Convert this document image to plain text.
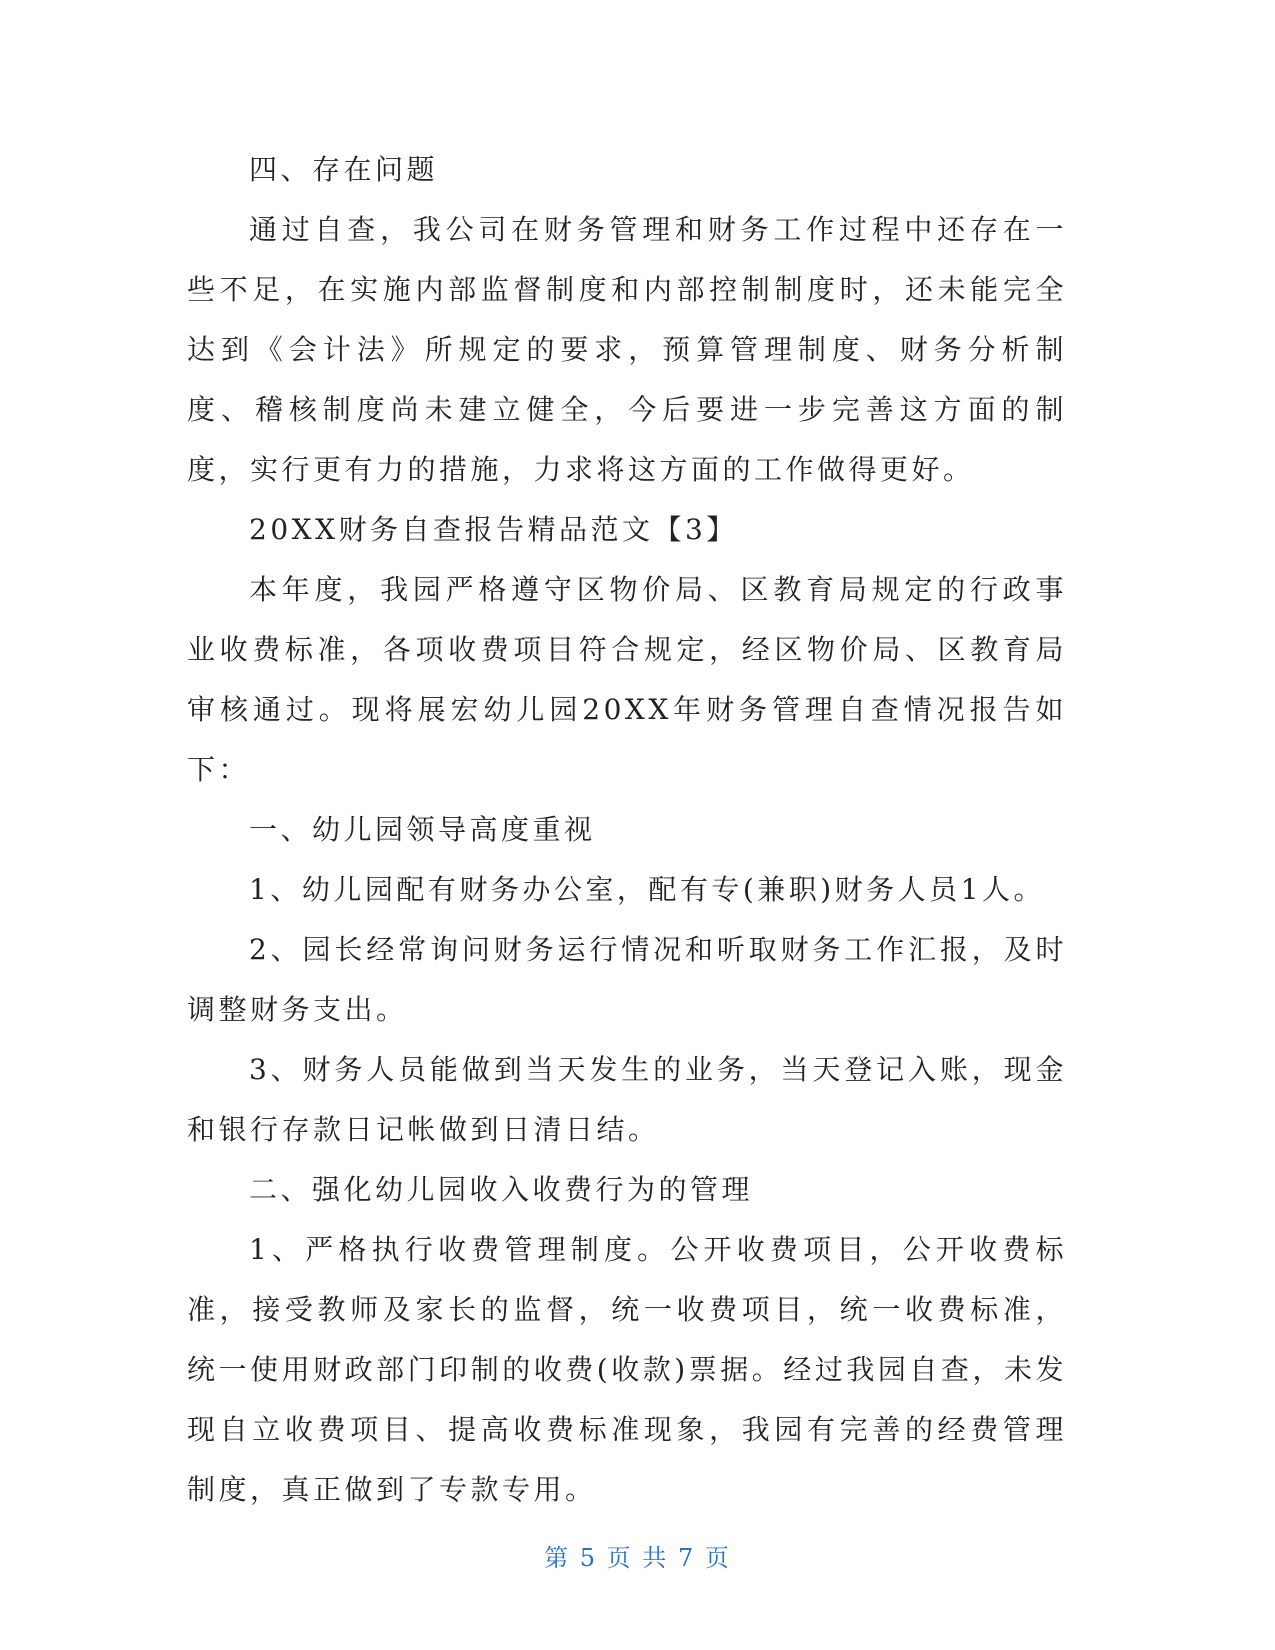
四、存在问题

通过自查，我公司在财务管理和财务工作过程中还存在一些不足，在实施内部监督制度和内部控制制度时，还未能完全达到《会计法》所规定的要求，预算管理制度、财务分析制度、稽核制度尚未建立健全，今后要进一步完善这方面的制度，实行更有力的措施，力求将这方面的工作做得更好。

20XX财务自查报告精品范文【3】

本年度，我园严格遵守区物价局、区教育局规定的行政事业收费标准，各项收费项目符合规定，经区物价局、区教育局审核通过。现将展宏幼儿园20XX年财务管理自查情况报告如下：

一、幼儿园领导高度重视

1、幼儿园配有财务办公室，配有专(兼职)财务人员1人。

2、园长经常询问财务运行情况和听取财务工作汇报，及时调整财务支出。

3、财务人员能做到当天发生的业务，当天登记入账，现金和银行存款日记帐做到日清日结。

二、强化幼儿园收入收费行为的管理

1、严格执行收费管理制度。公开收费项目，公开收费标准，接受教师及家长的监督，统一收费项目，统一收费标准，统一使用财政部门印制的收费(收款)票据。经过我园自查，未发现自立收费项目、提高收费标准现象，我园有完善的经费管理制度，真正做到了专款专用。

第 5 页 共 7 页
